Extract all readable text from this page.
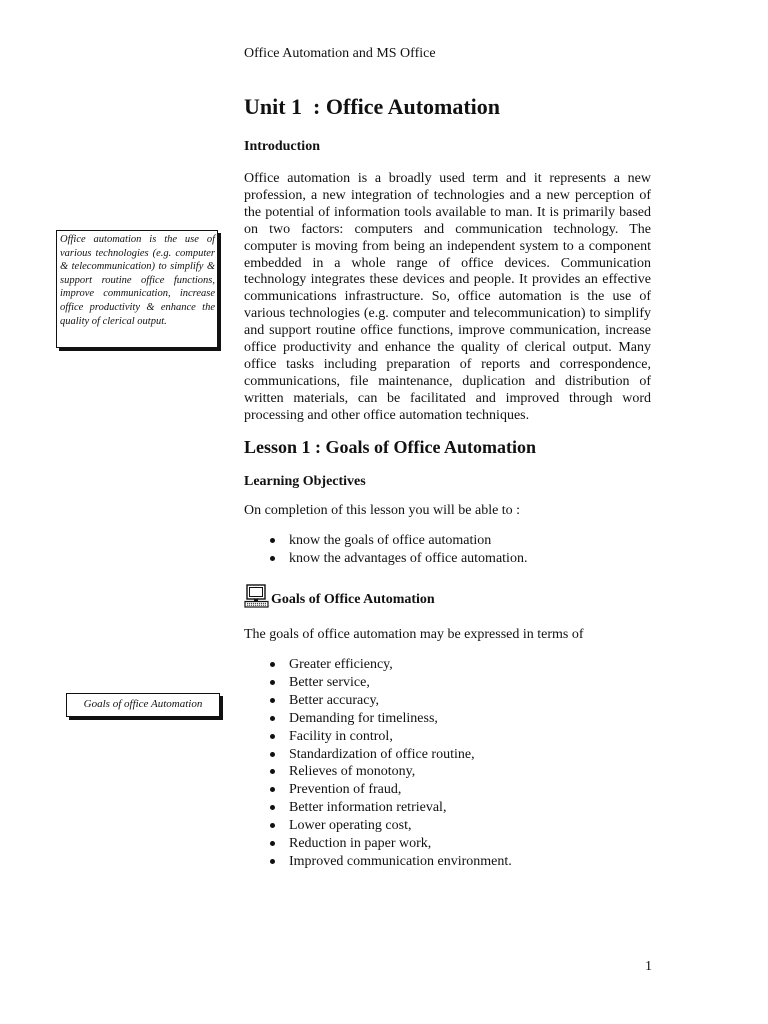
Office Automation and MS Office
Unit 1  : Office Automation
Introduction
Office automation is a broadly used term and it represents a new profession, a new integration of technologies and a new perception of the potential of information tools available to man. It is primarily based on two factors: computers and communication technology. The computer is moving from being an independent system to a component embedded in a whole range of office devices. Communication technology integrates these devices and people. It provides an effective communications infrastructure. So, office automation is the use of various technologies (e.g. computer and telecommunication) to simplify and support routine office functions, improve communication, increase office productivity and enhance the quality of clerical output. Many office tasks including preparation of reports and correspondence, communications, file maintenance, duplication and distribution of written materials, can be facilitated and improved through word processing and other office automation techniques.
Office automation is the use of various technologies (e.g. computer & telecommunication) to simplify & support routine office functions, improve communication, increase office productivity & enhance the quality of clerical output.
Lesson 1 : Goals of Office Automation
Learning Objectives
On completion of this lesson you will be able to :
know the goals of office automation
know the advantages of office automation.
Goals of Office Automation
The goals of office automation may be expressed in terms of
Greater efficiency,
Better service,
Better accuracy,
Demanding for timeliness,
Facility in control,
Standardization of office routine,
Relieves of monotony,
Prevention of fraud,
Better information retrieval,
Lower operating cost,
Reduction in paper work,
Improved communication environment.
Goals of office Automation
1
